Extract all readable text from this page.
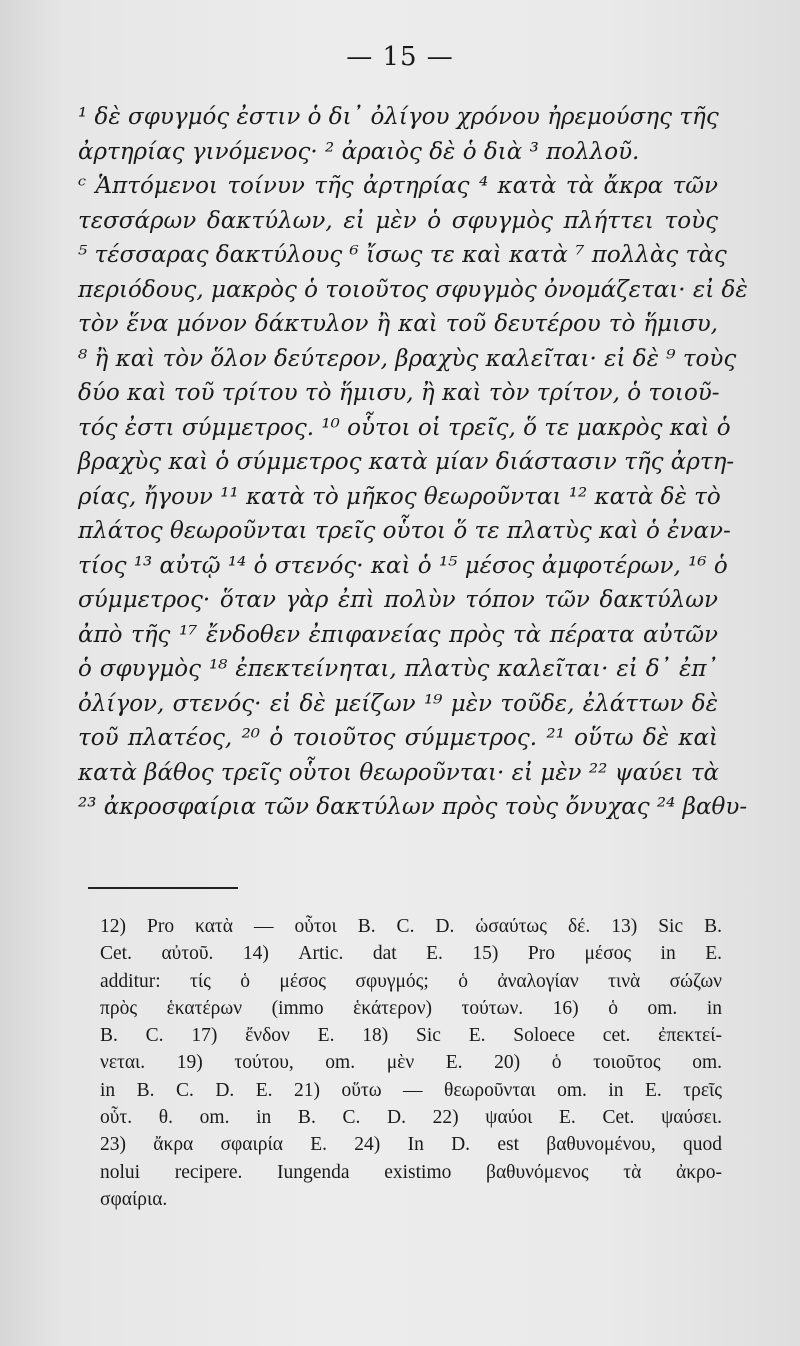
— 15 —
¹ δὲ σφυγμός ἐστιν ὁ δι᾽ ὀλίγου χρόνου ἠρεμούσης τῆς
ἀρτηρίας γινόμενος· ² ἀραιὸς δὲ ὁ διὰ ³ πολλοῦ.
ᶜ Ἁπτόμενοι τοίνυν τῆς ἀρτηρίας ⁴ κατὰ τὰ ἄκρα τῶν
τεσσάρων δακτύλων, εἰ μὲν ὁ σφυγμὸς πλήττει τοὺς
⁵ τέσσαρας δακτύλους ⁶ ἴσως τε καὶ κατὰ ⁷ πολλὰς τὰς
περιόδους, μακρὸς ὁ τοιοῦτος σφυγμὸς ὀνομάζεται· εἰ δὲ
τὸν ἕνα μόνον δάκτυλον ἢ καὶ τοῦ δευτέρου τὸ ἥμισυ,
⁸ ἢ καὶ τὸν ὅλον δεύτερον, βραχὺς καλεῖται· εἰ δὲ ⁹ τοὺς
δύο καὶ τοῦ τρίτου τὸ ἥμισυ, ἢ καὶ τὸν τρίτον, ὁ τοιοῦ-
τός ἐστι σύμμετρος. ¹⁰ οὗτοι οἱ τρεῖς, ὅ τε μακρὸς καὶ ὁ
βραχὺς καὶ ὁ σύμμετρος κατὰ μίαν διάστασιν τῆς ἀρτη-
ρίας, ἤγουν ¹¹ κατὰ τὸ μῆκος θεωροῦνται ¹² κατὰ δὲ τὸ
πλάτος θεωροῦνται τρεῖς οὗτοι ὅ τε πλατὺς καὶ ὁ ἐναν-
τίος ¹³ αὐτῷ ¹⁴ ὁ στενός· καὶ ὁ ¹⁵ μέσος ἀμφοτέρων, ¹⁶ ὁ
σύμμετρος· ὅταν γὰρ ἐπὶ πολὺν τόπον τῶν δακτύλων
ἀπὸ τῆς ¹⁷ ἔνδοθεν ἐπιφανείας πρὸς τὰ πέρατα αὐτῶν
ὁ σφυγμὸς ¹⁸ ἐπεκτείνηται, πλατὺς καλεῖται· εἰ δ᾽ ἐπ᾽
ὀλίγον, στενός· εἰ δὲ μείζων ¹⁹ μὲν τοῦδε, ἐλάττων δὲ
τοῦ πλατέος, ²⁰ ὁ τοιοῦτος σύμμετρος. ²¹ οὕτω δὲ καὶ
κατὰ βάθος τρεῖς οὗτοι θεωροῦνται· εἰ μὲν ²² ψαύει τὰ
²³ ἀκροσφαίρια τῶν δακτύλων πρὸς τοὺς ὄνυχας ²⁴ βαθυ-
12) Pro κατὰ — οὗτοι B. C. D. ὡσαύτως δέ. 13) Sic B.
Cet. αὐτοῦ. 14) Artic. dat E. 15) Pro μέσος in E.
additur: τίς ὁ μέσος σφυγμός; ὁ ἀναλογίαν τινὰ σώζων
πρὸς ἑκατέρων (immo ἑκάτερον) τούτων. 16) ὁ om. in
B. C. 17) ἔνδον E. 18) Sic E. Soloece cet. ἐπεκτεί-
νεται. 19) τούτου, om. μὲν E. 20) ὁ τοιοῦτος om.
in B. C. D. E. 21) οὕτω — θεωροῦνται om. in E. τρεῖς
οὗτ. θ. om. in B. C. D. 22) ψαύοι E. Cet. ψαύσει.
23) ἄκρα σφαιρία E. 24) In D. est βαθυνομένου, quod
nolui recipere. Iungenda existimo βαθυνόμενος τὰ ἀκρο-
σφαίρια.
